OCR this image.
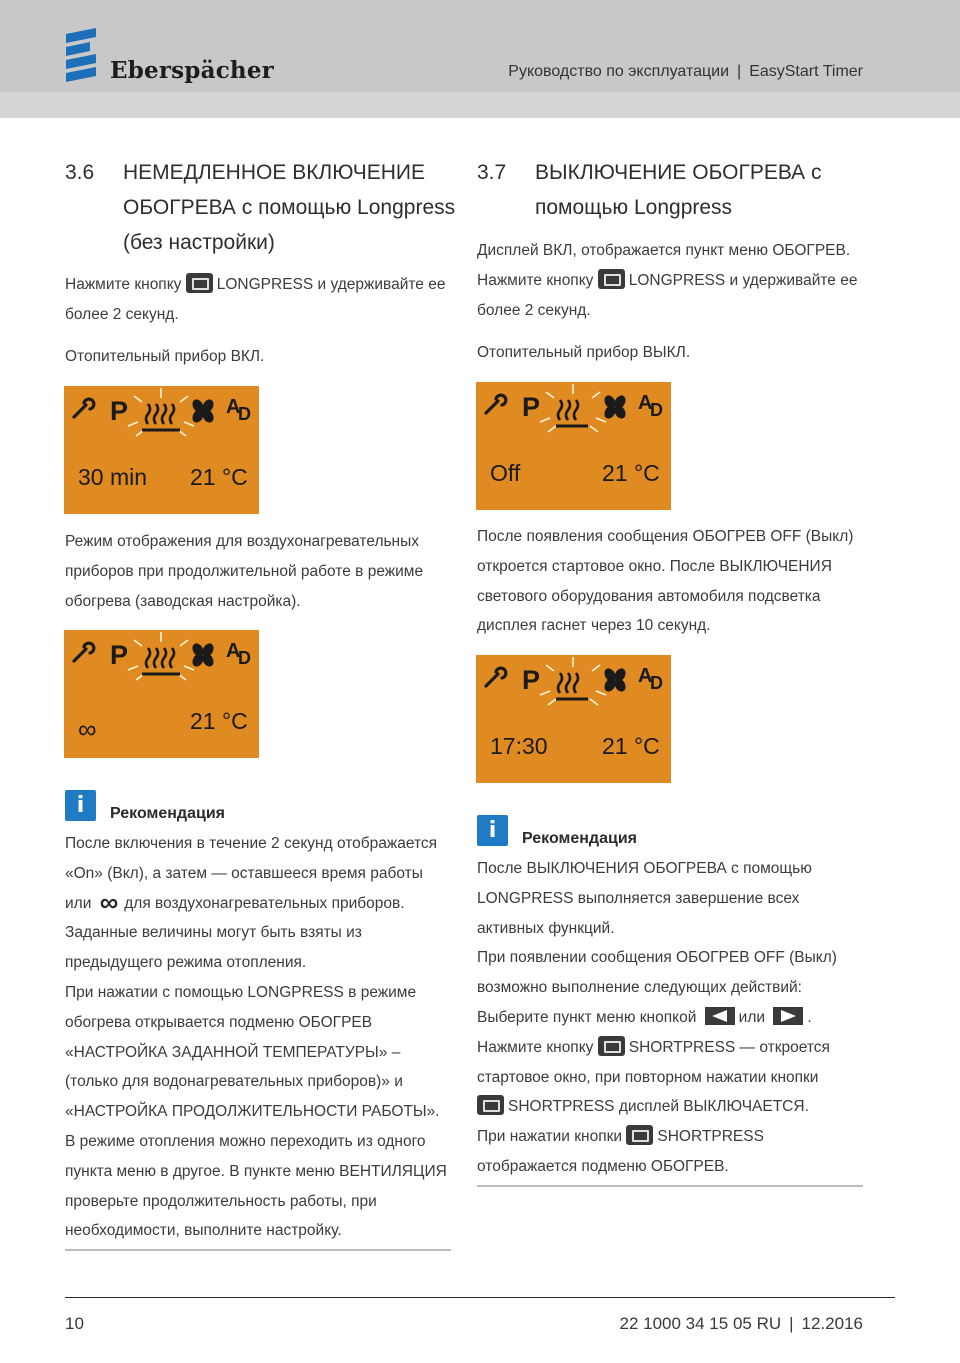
Eberspächer	Руководство по эксплуатации | EasyStart Timer
3.6 НЕМЕДЛЕННОЕ ВКЛЮЧЕНИЕ ОБОГРЕВА с помощью Longpress (без настройки)
Нажмите кнопку LONGPRESS и удерживайте ее более 2 секунд.
Отопительный прибор ВКЛ.
P	A
D
30 min 21 °C
Режим отображения для воздухонагревательных приборов при продолжительной работе в режиме обогрева (заводская настройка).
P	A
D
∞	21 °C
i	Рекомендация
После включения в течение 2 секунд отображается «On» (Вкл), а затем — оставшееся время работы или ∞ для воздухонагревательных приборов. Заданные величины могут быть взяты из предыдущего режима отопления.
При нажатии с помощью LONGPRESS в режиме обогрева открывается подменю ОБОГРЕВ «НАСТРОЙКА ЗАДАННОЙ ТЕМПЕРАТУРЫ» – (только для водонагревательных приборов)» и «НАСТРОЙКА ПРОДОЛЖИТЕЛЬНОСТИ РАБОТЫ».
В режиме отопления можно переходить из одного пункта меню в другое. В пункте меню ВЕНТИЛЯЦИЯ проверьте продолжительность работы, при необходимости, выполните настройку.
3.7 ВЫКЛЮЧЕНИЕ ОБОГРЕВА с помощью Longpress
Дисплей ВКЛ, отображается пункт меню ОБОГРЕВ.
Нажмите кнопку LONGPRESS и удерживайте ее более 2 секунд.
Отопительный прибор ВЫКЛ.
P	A
D
Off	21 °C
После появления сообщения ОБОГРЕВ OFF (Выкл) откроется стартовое окно. После ВЫКЛЮЧЕНИЯ светового оборудования автомобиля подсветка дисплея гаснет через 10 секунд.
P	A
D
17:30 21 °C
i	Рекомендация
После ВЫКЛЮЧЕНИЯ ОБОГРЕВА с помощью LONGPRESS выполняется завершение всех активных функций.
При появлении сообщения ОБОГРЕВ OFF (Выкл) возможно выполнение следующих действий:
Выберите пункт меню кнопкой	или	.
Нажмите кнопку SHORTPRESS — откроется стартовое окно, при повторном нажатии кнопки
SHORTPRESS дисплей ВЫКЛЮЧАЕТСЯ.
При нажатии кнопки SHORTPRESS отображается подменю ОБОГРЕВ.
10	22 1000 34 15 05 RU | 12.2016
